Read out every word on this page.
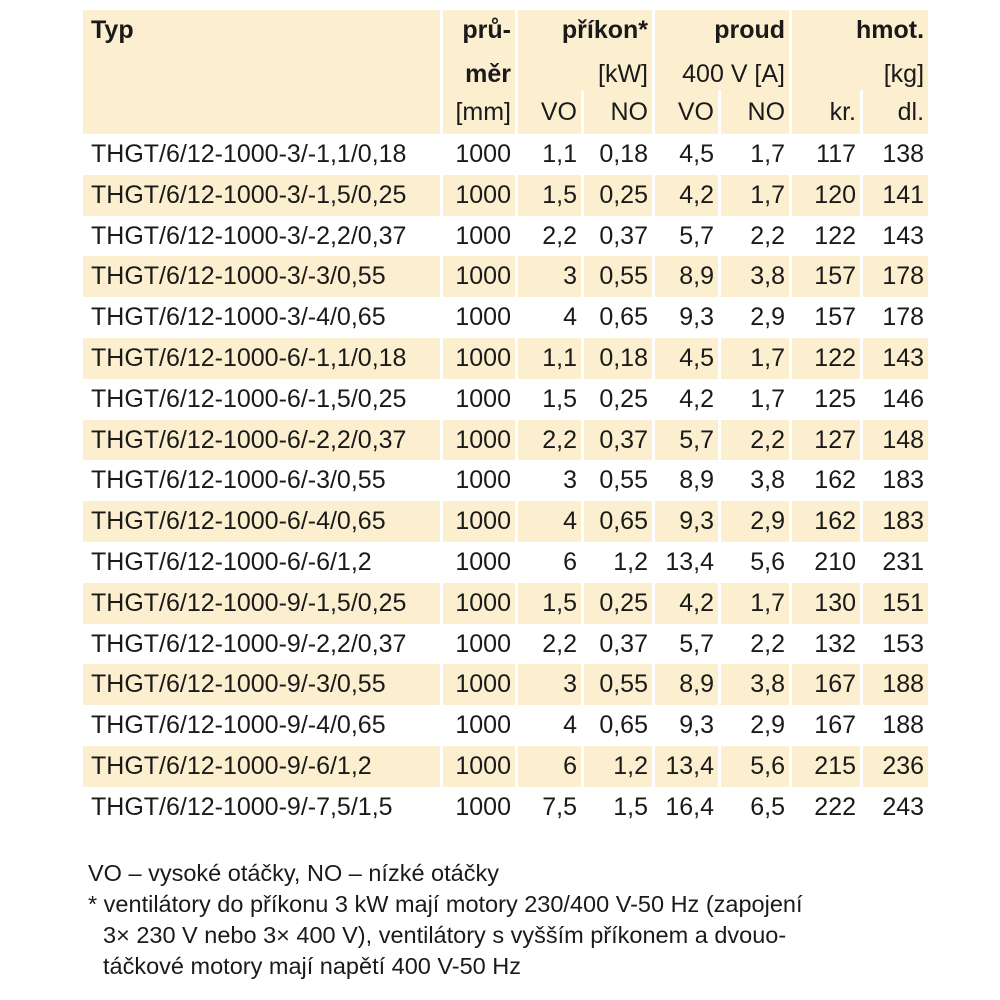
Typ	prů-	příkon*		proud		hmot.	
	měr	[kW]		400 V [A]		[kg]	
	[mm]	VO	NO	VO	NO	kr.	dl.
THGT/6/12-1000-3/-1,1/0,18	1000	1,1	0,18	4,5	1,7	117	138
THGT/6/12-1000-3/-1,5/0,25	1000	1,5	0,25	4,2	1,7	120	141
THGT/6/12-1000-3/-2,2/0,37	1000	2,2	0,37	5,7	2,2	122	143
THGT/6/12-1000-3/-3/0,55	1000	3	0,55	8,9	3,8	157	178
THGT/6/12-1000-3/-4/0,65	1000	4	0,65	9,3	2,9	157	178
THGT/6/12-1000-6/-1,1/0,18	1000	1,1	0,18	4,5	1,7	122	143
THGT/6/12-1000-6/-1,5/0,25	1000	1,5	0,25	4,2	1,7	125	146
THGT/6/12-1000-6/-2,2/0,37	1000	2,2	0,37	5,7	2,2	127	148
THGT/6/12-1000-6/-3/0,55	1000	3	0,55	8,9	3,8	162	183
THGT/6/12-1000-6/-4/0,65	1000	4	0,65	9,3	2,9	162	183
THGT/6/12-1000-6/-6/1,2	1000	6	1,2	13,4	5,6	210	231
THGT/6/12-1000-9/-1,5/0,25	1000	1,5	0,25	4,2	1,7	130	151
THGT/6/12-1000-9/-2,2/0,37	1000	2,2	0,37	5,7	2,2	132	153
THGT/6/12-1000-9/-3/0,55	1000	3	0,55	8,9	3,8	167	188
THGT/6/12-1000-9/-4/0,65	1000	4	0,65	9,3	2,9	167	188
THGT/6/12-1000-9/-6/1,2	1000	6	1,2	13,4	5,6	215	236
THGT/6/12-1000-9/-7,5/1,5	1000	7,5	1,5	16,4	6,5	222	243
VO – vysoké otáčky, NO – nízké otáčky
* ventilátory do příkonu 3 kW mají motory 230/400 V-50 Hz (zapojení
3× 230 V nebo 3× 400 V), ventilátory s vyšším příkonem a dvouo-
táčkové motory mají napětí 400 V-50 Hz
